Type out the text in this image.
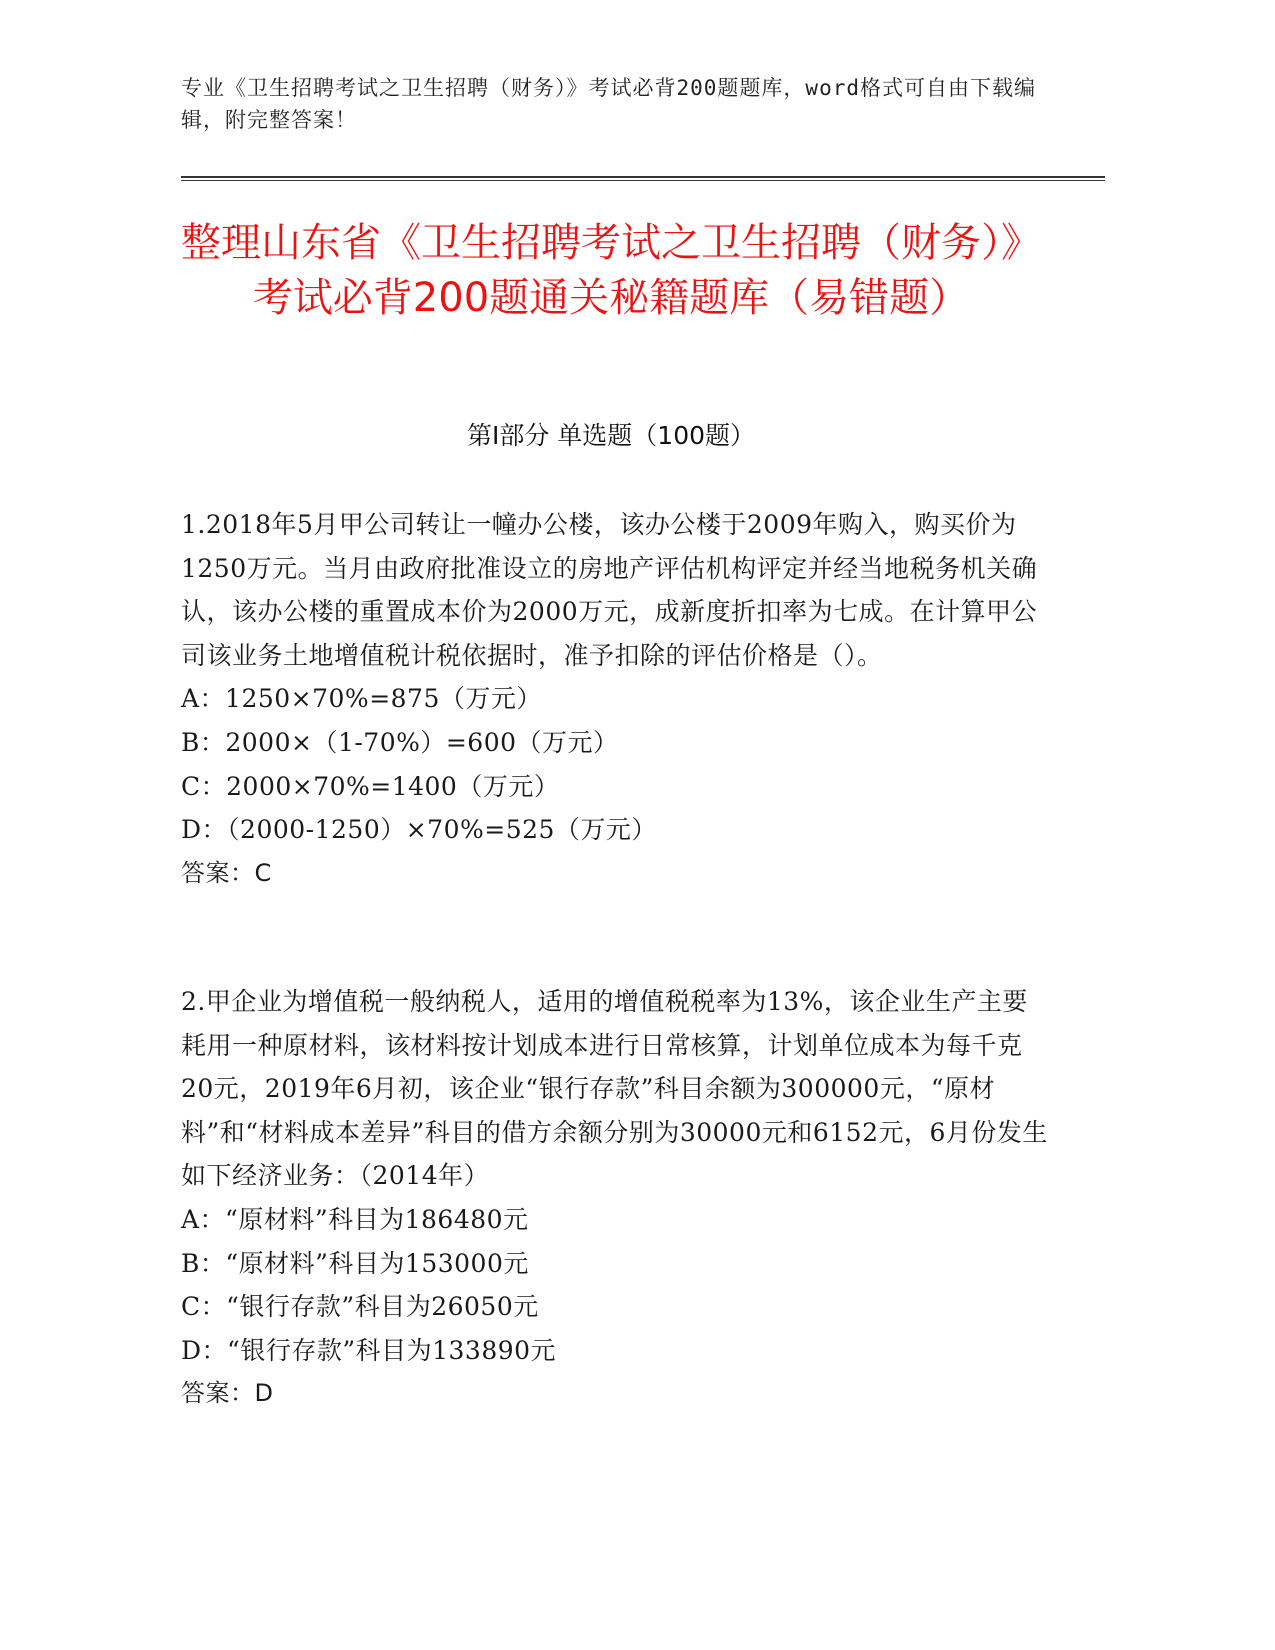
专业《卫生招聘考试之卫生招聘（财务）》考试必背200题题库，word格式可自由下载编辑，附完整答案！
整理山东省《卫生招聘考试之卫生招聘（财务）》考试必背200题通关秘籍题库（易错题）
第Ⅰ部分 单选题（100题）

1.2018年5月甲公司转让一幢办公楼，该办公楼于2009年购入，购买价为1250万元。当月由政府批准设立的房地产评估机构评定并经当地税务机关确认，该办公楼的重置成本价为2000万元，成新度折扣率为七成。在计算甲公司该业务土地增值税计税依据时，准予扣除的评估价格是（）。

A：1250×70%=875（万元）

B：2000×（1-70%）=600（万元）

C：2000×70%=1400（万元）

D：（2000-1250）×70%=525（万元）

答案：C

2.甲企业为增值税一般纳税人，适用的增值税税率为13%，该企业生产主要耗用一种原材料，该材料按计划成本进行日常核算，计划单位成本为每千克20元，2019年6月初，该企业“银行存款”科目余额为300000元，“原材料”和“材料成本差异”科目的借方余额分别为30000元和6152元，6月份发生如下经济业务：（2014年）

A：“原材料”科目为186480元

B：“原材料”科目为153000元

C：“银行存款”科目为26050元

D：“银行存款”科目为133890元

答案：D
